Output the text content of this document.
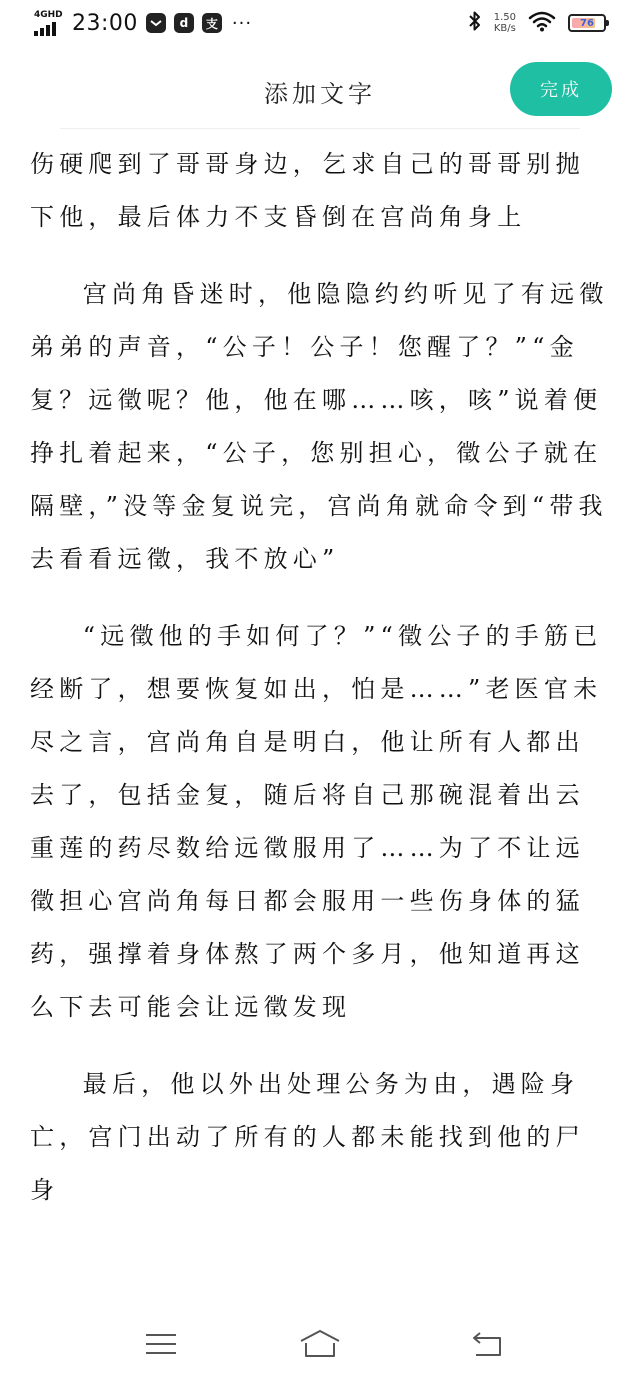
4GHD 23:00	d	支 ···	1.50
KB/s	76
添加文字	完成

伤硬爬到了哥哥身边，乞求自己的哥哥别抛下他，最后体力不支昏倒在宫尚角身上

宫尚角昏迷时，他隐隐约约听见了有远徵弟弟的声音，“公子！公子！您醒了？”“金复？远徵呢？他，他在哪……咳，咳”说着便挣扎着起来，“公子，您别担心，徵公子就在隔壁，”没等金复说完，宫尚角就命令到“带我去看看远徵，我不放心”

“远徵他的手如何了？”“徵公子的手筋已经断了，想要恢复如出，怕是……”老医官未尽之言，宫尚角自是明白，他让所有人都出去了，包括金复，随后将自己那碗混着出云重莲的药尽数给远徵服用了……为了不让远徵担心宫尚角每日都会服用一些伤身体的猛药，强撑着身体熬了两个多月，他知道再这么下去可能会让远徵发现

最后，他以外出处理公务为由，遇险身亡，宫门出动了所有的人都未能找到他的尸身
